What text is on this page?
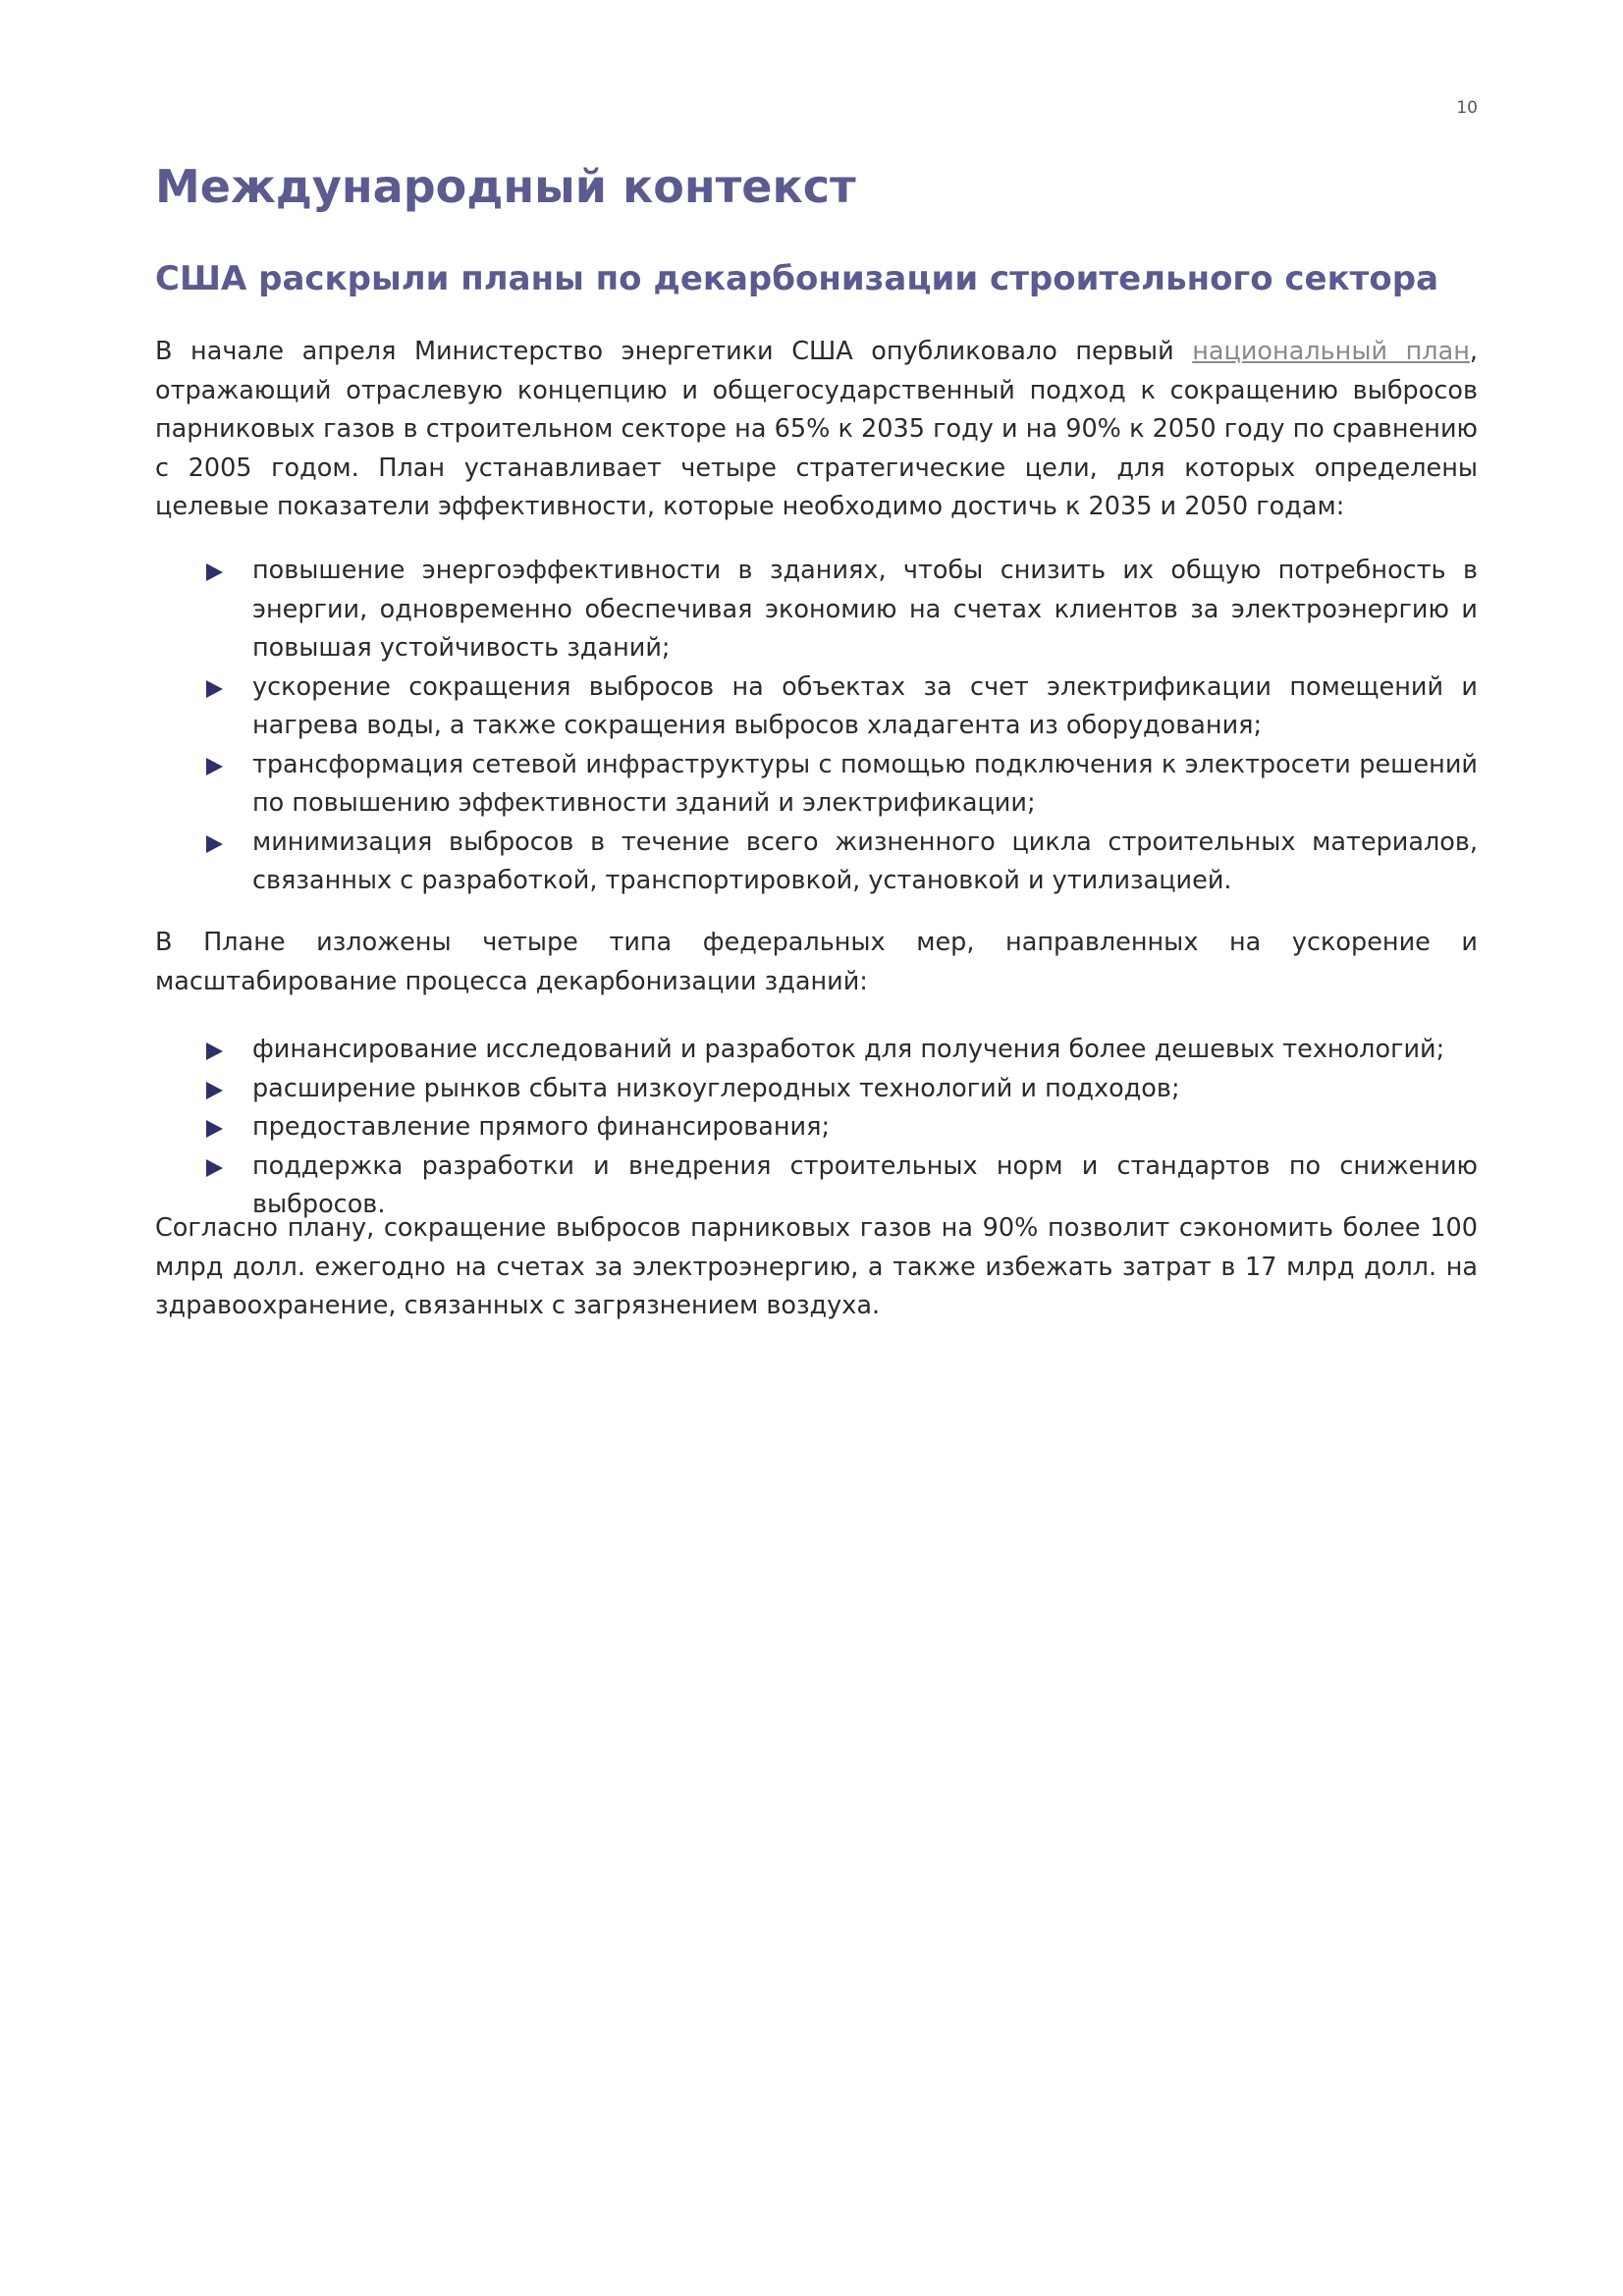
10
Международный контекст
США раскрыли планы по декарбонизации строительного сектора

В начале апреля Министерство энергетики США опубликовало первый национальный план, отражающий отраслевую концепцию и общегосударственный подход к сокращению выбросов парниковых газов в строительном секторе на 65% к 2035 году и на 90% к 2050 году по сравнению с 2005 годом. План устанавливает четыре стратегические цели, для которых определены целевые показатели эффективности, которые необходимо достичь к 2035 и 2050 годам:

повышение энергоэффективности в зданиях, чтобы снизить их общую потребность в энергии, одновременно обеспечивая экономию на счетах клиентов за электроэнергию и повышая устойчивость зданий;
ускорение сокращения выбросов на объектах за счет электрификации помещений и нагрева воды, а также сокращения выбросов хладагента из оборудования;
трансформация сетевой инфраструктуры с помощью подключения к электросети решений по повышению эффективности зданий и электрификации;
минимизация выбросов в течение всего жизненного цикла строительных материалов, связанных с разработкой, транспортировкой, установкой и утилизацией.

В Плане изложены четыре типа федеральных мер, направленных на ускорение и масштабирование процесса декарбонизации зданий:

финансирование исследований и разработок для получения более дешевых технологий;
расширение рынков сбыта низкоуглеродных технологий и подходов;
предоставление прямого финансирования;
поддержка разработки и внедрения строительных норм и стандартов по снижению выбросов.

Согласно плану, сокращение выбросов парниковых газов на 90% позволит сэкономить более 100 млрд долл. ежегодно на счетах за электроэнергию, а также избежать затрат в 17 млрд долл. на здравоохранение, связанных с загрязнением воздуха.
